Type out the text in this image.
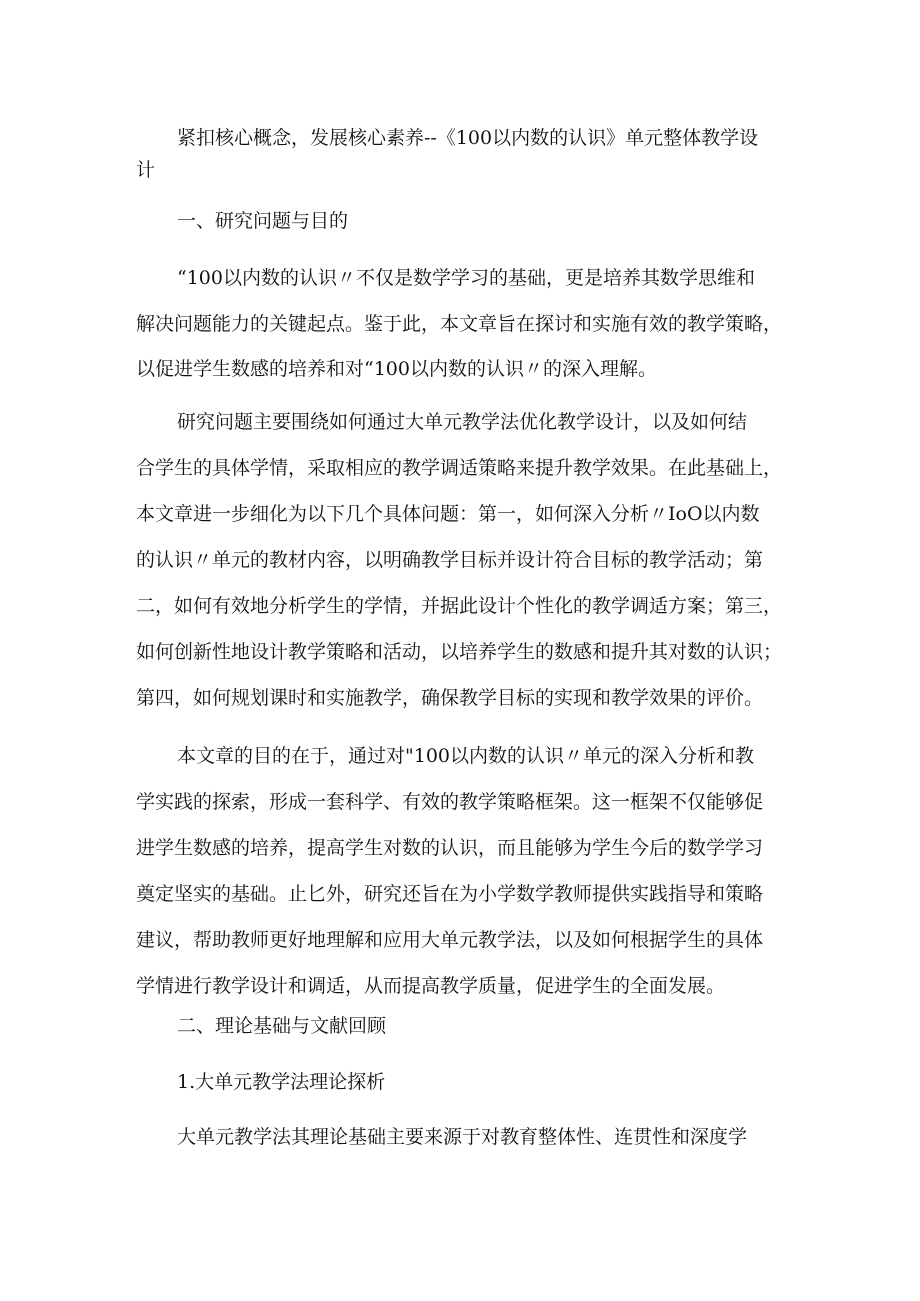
紧扣核心概念，发展核心素养--《100以内数的认识》单元整体教学设

计

一、研究问题与目的

“100以内数的认识〃不仅是数学学习的基础，更是培养其数学思维和

解决问题能力的关键起点。鉴于此，本文章旨在探讨和实施有效的教学策略，

以促进学生数感的培养和对“100以内数的认识〃的深入理解。

研究问题主要围绕如何通过大单元教学法优化教学设计，以及如何结

合学生的具体学情，采取相应的教学调适策略来提升教学效果。在此基础上，

本文章进一步细化为以下几个具体问题：第一，如何深入分析〃IoO以内数

的认识〃单元的教材内容，以明确教学目标并设计符合目标的教学活动；第

二，如何有效地分析学生的学情，并据此设计个性化的教学调适方案；第三，

如何创新性地设计教学策略和活动，以培养学生的数感和提升其对数的认识；

第四，如何规划课时和实施教学，确保教学目标的实现和教学效果的评价。

本文章的目的在于，通过对"100以内数的认识〃单元的深入分析和教

学实践的探索，形成一套科学、有效的教学策略框架。这一框架不仅能够促

进学生数感的培养，提高学生对数的认识，而且能够为学生今后的数学学习

奠定坚实的基础。止匕外，研究还旨在为小学数学教师提供实践指导和策略

建议，帮助教师更好地理解和应用大单元教学法，以及如何根据学生的具体

学情进行教学设计和调适，从而提高教学质量，促进学生的全面发展。

二、理论基础与文献回顾

1.大单元教学法理论探析

大单元教学法其理论基础主要来源于对教育整体性、连贯性和深度学
